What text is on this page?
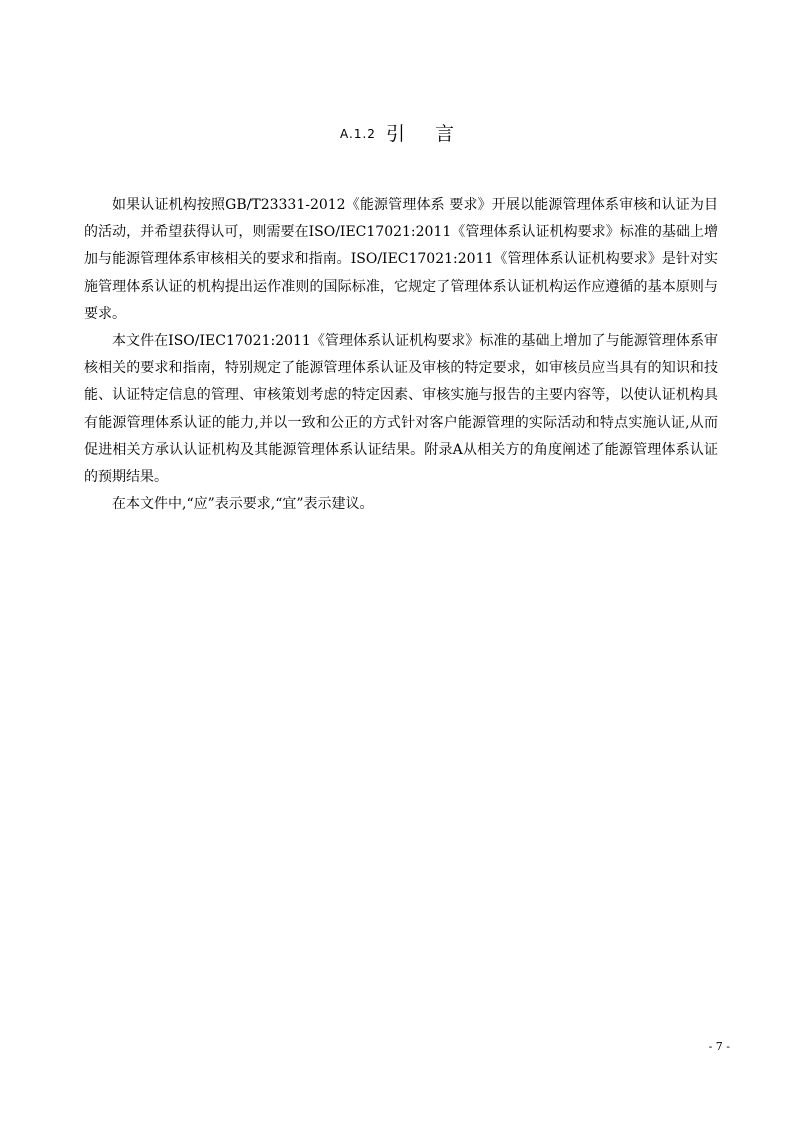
A.1.2 引言

如果认证机构按照GB/T23331-2012《能源管理体系 要求》开展以能源管理体系审核和认证为目的活动，并希望获得认可，则需要在ISO/IEC17021:2011《管理体系认证机构要求》标准的基础上增加与能源管理体系审核相关的要求和指南。ISO/IEC17021:2011《管理体系认证机构要求》是针对实施管理体系认证的机构提出运作准则的国际标准，它规定了管理体系认证机构运作应遵循的基本原则与要求。

本文件在ISO/IEC17021:2011《管理体系认证机构要求》标准的基础上增加了与能源管理体系审核相关的要求和指南，特别规定了能源管理体系认证及审核的特定要求，如审核员应当具有的知识和技能、认证特定信息的管理、审核策划考虑的特定因素、审核实施与报告的主要内容等，以使认证机构具有能源管理体系认证的能力,并以一致和公正的方式针对客户能源管理的实际活动和特点实施认证,从而促进相关方承认认证机构及其能源管理体系认证结果。附录A从相关方的角度阐述了能源管理体系认证的预期结果。

在本文件中,“应”表示要求,“宜”表示建议。

- 7 -
